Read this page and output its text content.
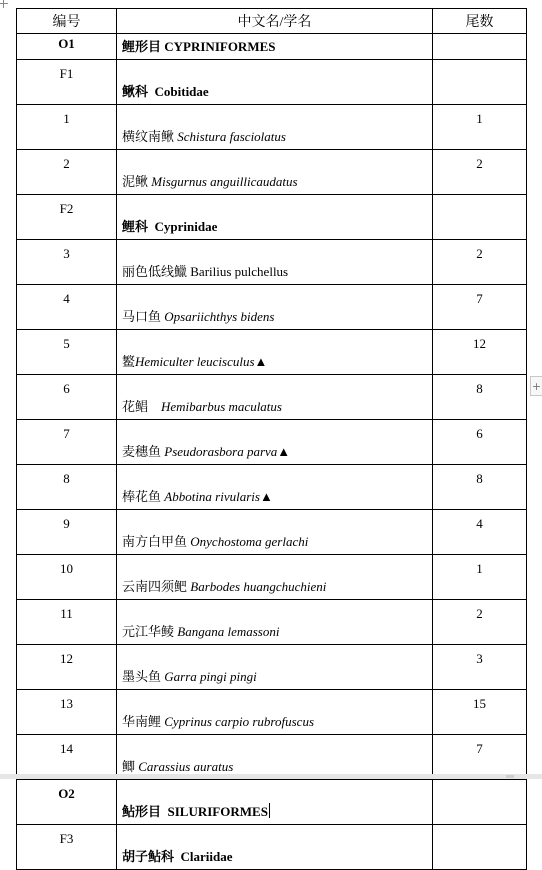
编号	中文名/学名	尾数
O1	鲤形目 CYPRINIFORMES	
F1	鳅科 Cobitidae	
1	横纹南鳅 Schistura fasciolatus	1
2	泥鳅 Misgurnus anguillicaudatus	2
F2	鲤科 Cyprinidae	
3	丽色低线鱲 Barilius pulchellus	2
4	马口鱼 Opsariichthys bidens	7
5	鳘Hemiculter leucisculus▲	12
6	花鲳 Hemibarbus maculatus	8
7	麦穗鱼 Pseudorasbora parva▲	6
8	棒花鱼 Abbotina rivularis▲	8
9	南方白甲鱼 Onychostoma gerlachi	4
10	云南四须鲃 Barbodes huangchuchieni	1
11	元江华鲮 Bangana lemassoni	2
12	墨头鱼 Garra pingi pingi	3
13	华南鲤 Cyprinus carpio rubrofuscus	15
14	鲫 Carassius auratus	7
O2	鲇形目 SILURIFORMES	
F3	胡子鲇科 Clariidae	
+
